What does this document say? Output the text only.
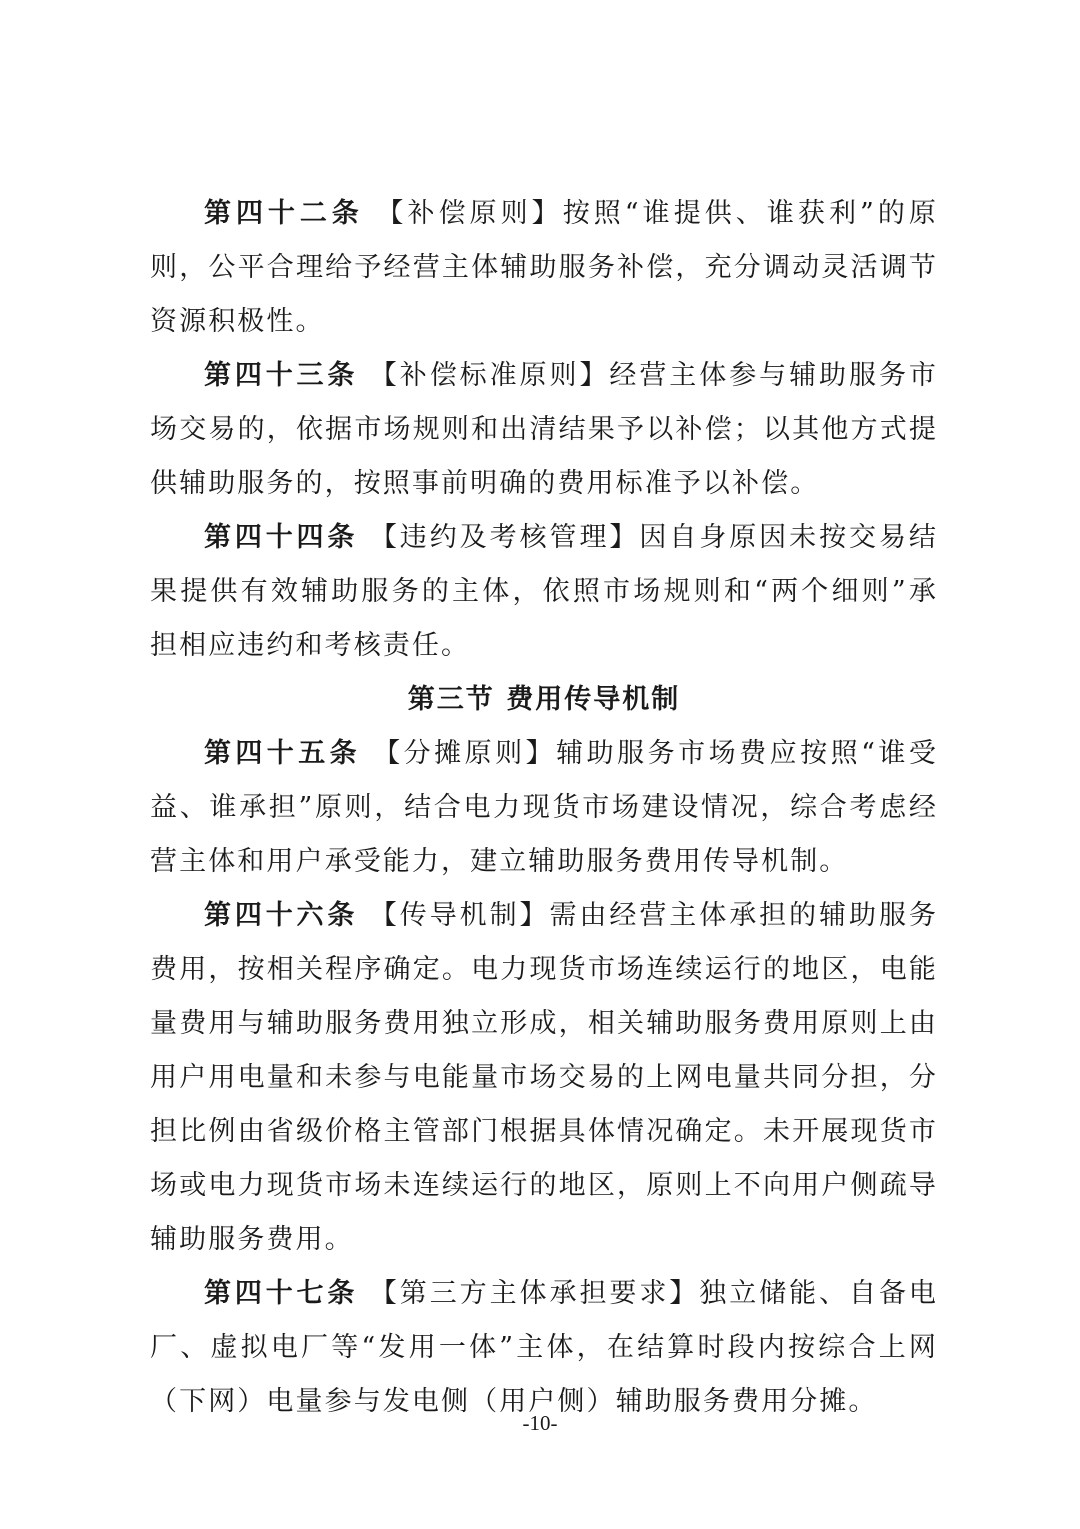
第四十二条 【补偿原则】按照“谁提供、谁获利”的原则，公平合理给予经营主体辅助服务补偿，充分调动灵活调节资源积极性。

第四十三条 【补偿标准原则】经营主体参与辅助服务市场交易的，依据市场规则和出清结果予以补偿；以其他方式提供辅助服务的，按照事前明确的费用标准予以补偿。

第四十四条 【违约及考核管理】因自身原因未按交易结果提供有效辅助服务的主体，依照市场规则和“两个细则”承担相应违约和考核责任。

第三节 费用传导机制

第四十五条 【分摊原则】辅助服务市场费应按照“谁受益、谁承担”原则，结合电力现货市场建设情况，综合考虑经营主体和用户承受能力，建立辅助服务费用传导机制。

第四十六条 【传导机制】需由经营主体承担的辅助服务费用，按相关程序确定。电力现货市场连续运行的地区，电能量费用与辅助服务费用独立形成，相关辅助服务费用原则上由用户用电量和未参与电能量市场交易的上网电量共同分担，分担比例由省级价格主管部门根据具体情况确定。未开展现货市场或电力现货市场未连续运行的地区，原则上不向用户侧疏导辅助服务费用。

第四十七条 【第三方主体承担要求】独立储能、自备电厂、虚拟电厂等“发用一体”主体，在结算时段内按综合上网（下网）电量参与发电侧（用户侧）辅助服务费用分摊。

-10-
